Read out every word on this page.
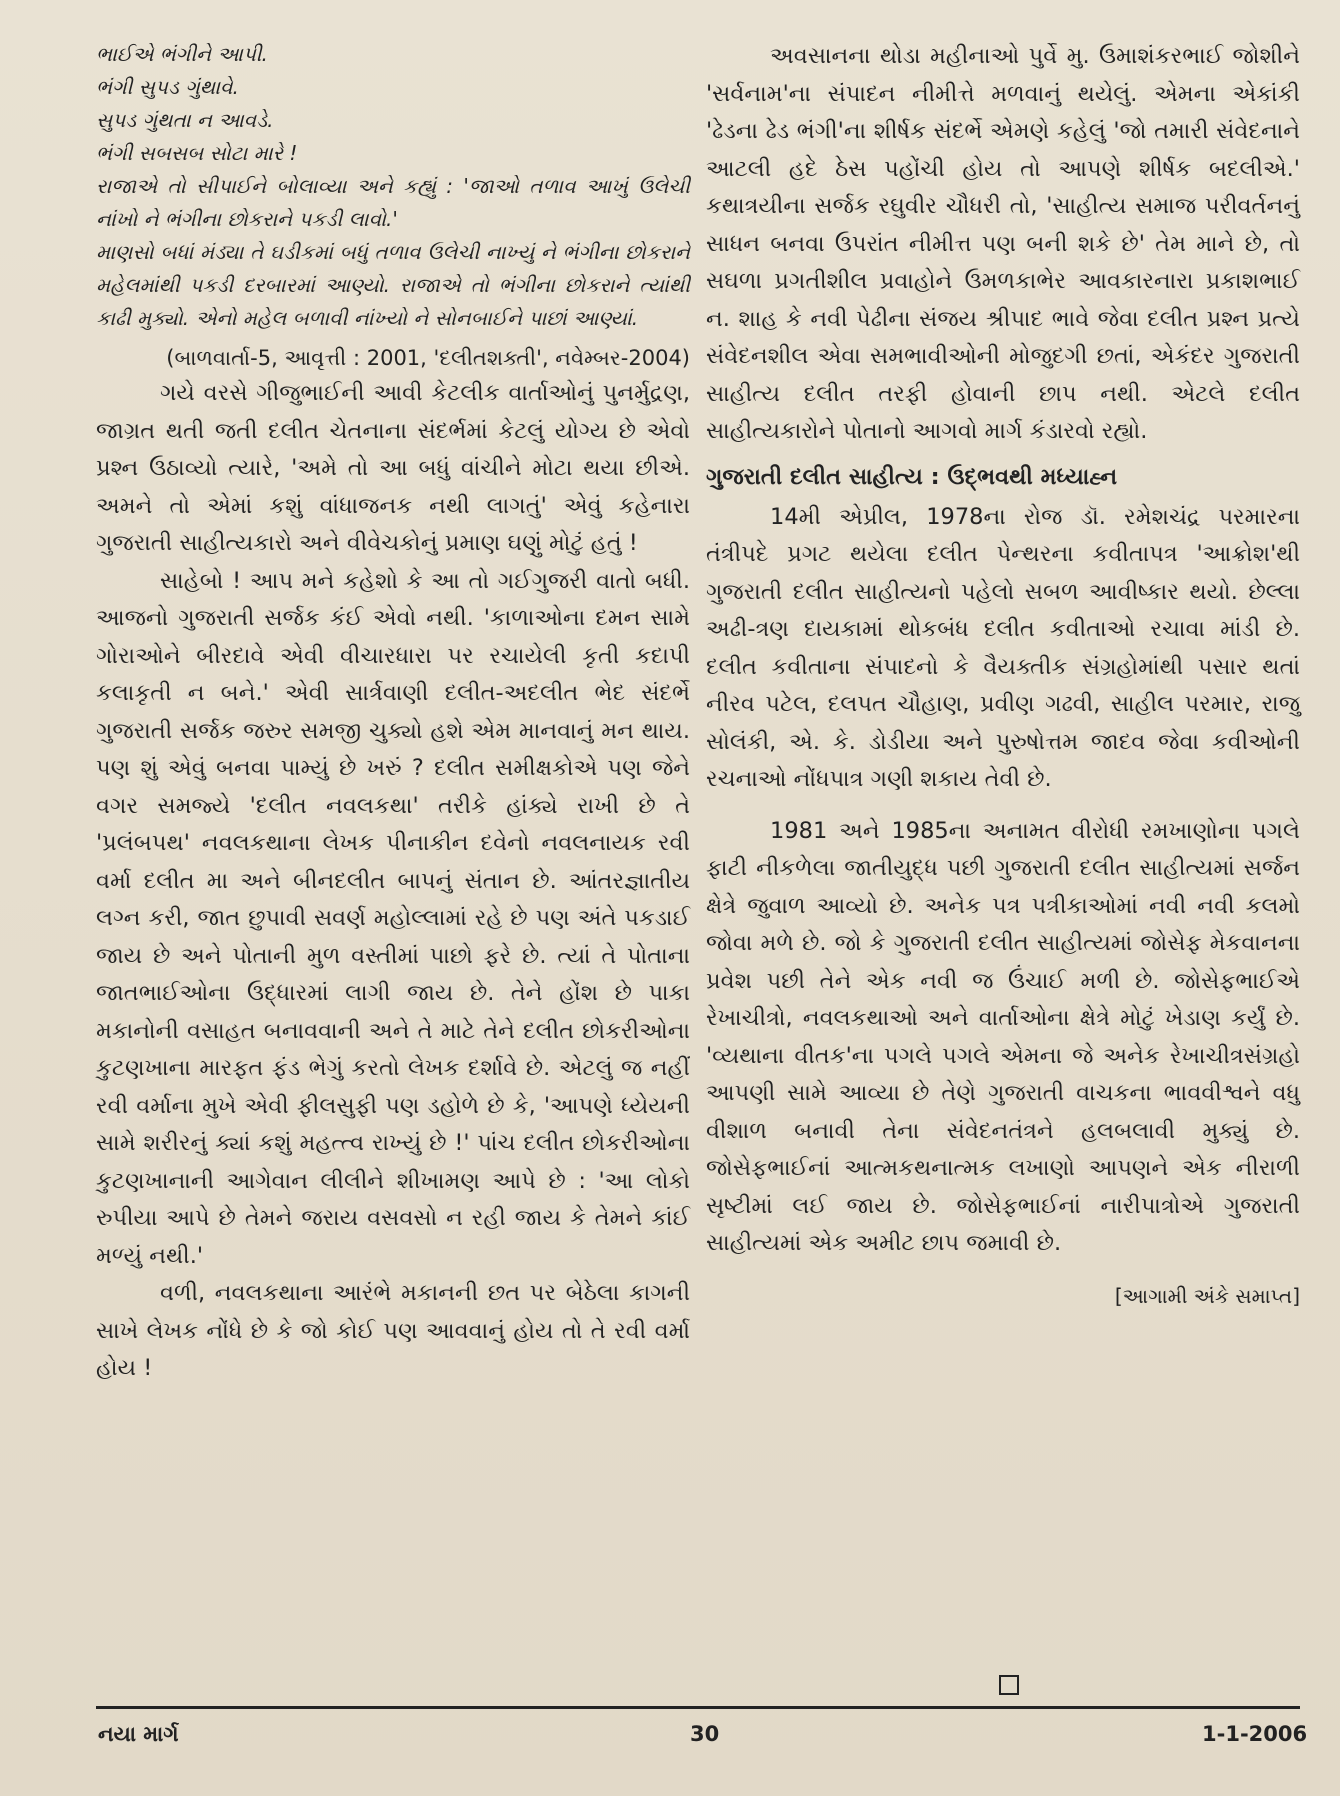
ભાઈએ ભંગીને આપી.
ભંગી સુપડ ગુંથાવે.
સુપડ ગુંથતા ન આવડે.
ભંગી સબસબ સોટા મારે !
રાજાએ તો સીપાઈને બોલાવ્યા અને કહ્યું : 'જાઓ તળાવ આખું ઉલેચી નાંખો ને ભંગીના છોકરાને પકડી લાવો.'
માણસો બધાં મંડ્યા તે ઘડીકમાં બધું તળાવ ઉલેચી નાખ્યું ને ભંગીના છોકરાને મહેલમાંથી પકડી દરબારમાં આણ્યો. રાજાએ તો ભંગીના છોકરાને ત્યાંથી કાઢી મુક્યો. એનો મહેલ બળાવી નાંખ્યો ને સોનબાઈને પાછાં આણ્યાં.
(બાળવાર્તા-5, આવૃત્તી : 2001, 'દલીતશક્તી', નવેમ્બર-2004)

ગયે વરસે ગીજુભાઈની આવી કેટલીક વાર્તાઓનું પુનર્મુદ્રણ, જાગ્રત થતી જતી દલીત ચેતનાના સંદર્ભમાં કેટલું યોગ્ય છે એવો પ્રશ્ન ઉઠાવ્યો ત્યારે, 'અમે તો આ બધું વાંચીને મોટા થયા છીએ. અમને તો એમાં કશું વાંધાજનક નથી લાગતું' એવું કહેનારા ગુજરાતી સાહીત્યકારો અને વીવેચકોનું પ્રમાણ ઘણું મોટું હતું !

સાહેબો ! આપ મને કહેશો કે આ તો ગઈગુજરી વાતો બધી. આજનો ગુજરાતી સર્જક કંઈ એવો નથી. 'કાળાઓના દમન સામે ગોરાઓને બીરદાવે એવી વીચારધારા પર રચાયેલી કૃતી કદાપી કલાકૃતી ન બને.' એવી સાર્ત્રવાણી દલીત-અદલીત ભેદ સંદર્ભે ગુજરાતી સર્જક જરુર સમજી ચુક્યો હશે એમ માનવાનું મન થાય. પણ શું એવું બનવા પામ્યું છે ખરું ? દલીત સમીક્ષકોએ પણ જેને વગર સમજ્યે 'દલીત નવલકથા' તરીકે હાંક્યે રાખી છે તે 'પ્રલંબપથ' નવલકથાના લેખક પીનાકીન દવેનો નવલનાયક રવી વર્મા દલીત મા અને બીનદલીત બાપનું સંતાન છે. આંતરજ્ઞાતીય લગ્ન કરી, જાત છુપાવી સવર્ણ મહોલ્લામાં રહે છે પણ અંતે પકડાઈ જાય છે અને પોતાની મુળ વસ્તીમાં પાછો ફરે છે. ત્યાં તે પોતાના જાતભાઈઓના ઉદ્ધારમાં લાગી જાય છે. તેને હોંશ છે પાકા મકાનોની વસાહત બનાવવાની અને તે માટે તેને દલીત છોકરીઓના કુટણખાના મારફત ફંડ ભેગું કરતો લેખક દર્શાવે છે. એટલું જ નહીં રવી વર્માના મુખે એવી ફીલસુફી પણ ડહોળે છે કે, 'આપણે ધ્યેયની સામે શરીરનું ક્યાં કશું મહત્ત્વ રાખ્યું છે !' પાંચ દલીત છોકરીઓના કુટણખાનાની આગેવાન લીલીને શીખામણ આપે છે : 'આ લોકો રુપીયા આપે છે તેમને જરાય વસવસો ન રહી જાય કે તેમને કાંઈ મળ્યું નથી.'

વળી, નવલકથાના આરંભે મકાનની છત પર બેઠેલા કાગની સાખે લેખક નોંધે છે કે જો કોઈ પણ આવવાનું હોય તો તે રવી વર્મા હોય !

અવસાનના થોડા મહીનાઓ પુર્વે મુ. ઉમાશંકરભાઈ જોશીને 'સર્વનામ'ના સંપાદન નીમીત્તે મળવાનું થયેલું. એમના એકાંકી 'ઢેડના ઢેડ ભંગી'ના શીર્ષક સંદર્ભે એમણે કહેલું 'જો તમારી સંવેદનાને આટલી હદે ઠેસ પહોંચી હોય તો આપણે શીર્ષક બદલીએ.' કથાત્રયીના સર્જક રઘુવીર ચૌધરી તો, 'સાહીત્ય સમાજ પરીવર્તનનું સાધન બનવા ઉપરાંત નીમીત્ત પણ બની શકે છે' તેમ માને છે, તો સઘળા પ્રગતીશીલ પ્રવાહોને ઉમળકાભેર આવકારનારા પ્રકાશભાઈ ન. શાહ કે નવી પેઢીના સંજય શ્રીપાદ ભાવે જેવા દલીત પ્રશ્ન પ્રત્યે સંવેદનશીલ એવા સમભાવીઓની મોજુદગી છતાં, એકંદર ગુજરાતી સાહીત્ય દલીત તરફી હોવાની છાપ નથી. એટલે દલીત સાહીત્યકારોને પોતાનો આગવો માર્ગ કંડારવો રહ્યો.

ગુજરાતી દલીત સાહીત્ય : ઉદ્ભવથી મધ્યાહ્ન

14મી એપ્રીલ, 1978ના રોજ ડૉ. રમેશચંદ્ર પરમારના તંત્રીપદે પ્રગટ થયેલા દલીત પેન્થરના કવીતાપત્ર 'આક્રોશ'થી ગુજરાતી દલીત સાહીત્યનો પહેલો સબળ આવીષ્કાર થયો. છેલ્લા અઢી-ત્રણ દાયકામાં થોકબંધ દલીત કવીતાઓ રચાવા માંડી છે. દલીત કવીતાના સંપાદનો કે વૈયક્તીક સંગ્રહોમાંથી પસાર થતાં નીરવ પટેલ, દલપત ચૌહાણ, પ્રવીણ ગઢવી, સાહીલ પરમાર, રાજુ સોલંકી, એ. કે. ડોડીયા અને પુરુષોત્તમ જાદવ જેવા કવીઓની રચનાઓ નોંધપાત્ર ગણી શકાય તેવી છે.

1981 અને 1985ના અનામત વીરોધી રમખાણોના પગલે ફાટી નીકળેલા જાતીયુદ્ધ પછી ગુજરાતી દલીત સાહીત્યમાં સર્જન ક્ષેત્રે જુવાળ આવ્યો છે. અનેક પત્ર પત્રીકાઓમાં નવી નવી કલમો જોવા મળે છે. જો કે ગુજરાતી દલીત સાહીત્યમાં જોસેફ મેકવાનના પ્રવેશ પછી તેને એક નવી જ ઉંચાઈ મળી છે. જોસેફભાઈએ રેખાચીત્રો, નવલકથાઓ અને વાર્તાઓના ક્ષેત્રે મોટું ખેડાણ કર્યું છે. 'વ્યથાના વીતક'ના પગલે પગલે એમના જે અનેક રેખાચીત્રસંગ્રહો આપણી સામે આવ્યા છે તેણે ગુજરાતી વાચકના ભાવવીશ્વને વધુ વીશાળ બનાવી તેના સંવેદનતંત્રને હલબલાવી મુક્યું છે. જોસેફભાઈનાં આત્મકથનાત્મક લખાણો આપણને એક નીરાળી સૃષ્ટીમાં લઈ જાય છે. જોસેફભાઈનાં નારીપાત્રોએ ગુજરાતી સાહીત્યમાં એક અમીટ છાપ જમાવી છે.

[આગામી અંકે સમાપ્ત]
નયા માર્ગ	30	1-1-2006
